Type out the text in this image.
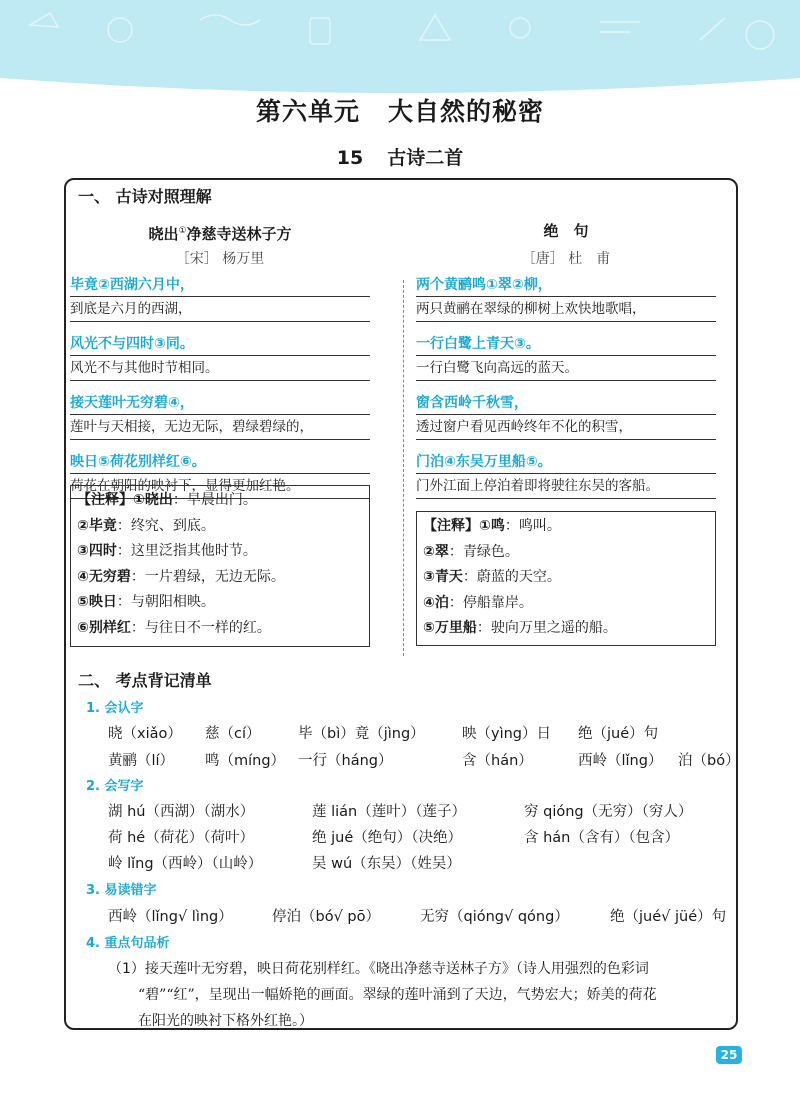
第六单元 大自然的秘密
15 古诗二首
一、 古诗对照理解
晓出①净慈寺送林子方
［宋］ 杨万里
毕竟②西湖六月中，
到底是六月的西湖，
风光不与四时③同。
风光不与其他时节相同。
接天莲叶无穷碧④，
莲叶与天相接，无边无际，碧绿碧绿的，
映日⑤荷花别样红⑥。
荷花在朝阳的映衬下，显得更加红艳。
【注释】①晓出：早晨出门。
②毕竟：终究、到底。
③四时：这里泛指其他时节。
④无穷碧：一片碧绿，无边无际。
⑤映日：与朝阳相映。
⑥别样红：与往日不一样的红。
绝　句
［唐］ 杜　甫
两个黄鹂鸣①翠②柳，
两只黄鹂在翠绿的柳树上欢快地歌唱，
一行白鹭上青天③。
一行白鹭飞向高远的蓝天。
窗含西岭千秋雪，
透过窗户看见西岭终年不化的积雪，
门泊④东吴万里船⑤。
门外江面上停泊着即将驶往东吴的客船。
【注释】①鸣：鸣叫。
②翠：青绿色。
③青天：蔚蓝的天空。
④泊：停船靠岸。
⑤万里船：驶向万里之遥的船。
二、 考点背记清单
1. 会认字
晓（xiǎo） 慈（cí）	毕（bì）竟（jìng）	映（yìng）日 绝（jué）句
黄鹂（lí） 鸣（míng） 一行（háng）	含（hán）	西岭（lǐng） 泊（bó）
2. 会写字
湖 hú（西湖）（湖水）	莲 lián（莲叶）（莲子）	穷 qióng（无穷）（穷人）
荷 hé（荷花）（荷叶）	绝 jué（绝句）（决绝）	含 hán（含有）（包含）
岭 lǐng（西岭）（山岭）	吴 wú（东吴）（姓吴）
3. 易读错字
西岭（lǐng√ lìng）	停泊（bó√ pō）	无穷（qióng√ qóng）	绝（jué√ jüé）句
4. 重点句品析
（1）接天莲叶无穷碧，映日荷花别样红。《晓出净慈寺送林子方》（诗人用强烈的色彩词
“碧”“红”，呈现出一幅娇艳的画面。翠绿的莲叶涌到了天边，气势宏大；娇美的荷花
在阳光的映衬下格外红艳。）
25
